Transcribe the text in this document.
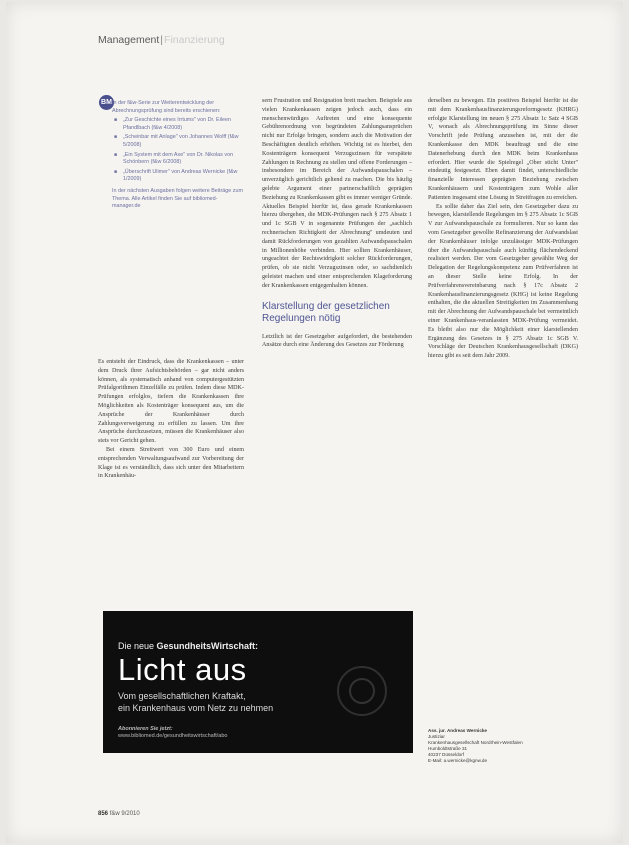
Management|Finanzierung
BM In der f&w-Serie zur Weiterentwicklung der Abrechnungsprüfung sind bereits erschienen:

■ „Zur Geschichte eines Irrtums" von Dr. Eileen Pfandlbach (f&w 4/2008)
■ „Scheinbar mit Anlage" von Johannes Wolff (f&w 5/2008)
■ „Ein System mit dem Axe" von Dr. Nikolas von Schönbern (f&w 6/2008)
■ „Überschrift Ulimer" von Andreas Wernicke (f&w 1/2009)

In der nächsten Ausgaben folgen weitere Beiträge zum Thema. Alle Artikel finden Sie auf bibliomed-manager.de

Es entsteht der Eindruck, dass die Krankenkassen – unter dem Druck ihrer Aufsichtsbehörden – gar nicht anders können, als systematisch anhand von computergestützten Prüfalgorithmen Einzelfälle zu prüfen. Indem diese MDK-Prüfungen erfolglos, tiefern die Krankenkassen ihre Möglichkeiten als Kostenträger konsequent aus, um die Ansprüche der Krankenhäuser durch Zahlungsverweigerung zu erfüllen zu lassen. Um ihre Ansprüche durchzusetzen, müssen die Krankenhäuser also stets vor Gericht gehen.

Bei einem Streitwert von 300 Euro und einem entsprechenden Verwaltungsaufwand zur Vorbereitung der Klage ist es verständlich, dass sich unter den Mitarbeitern in Krankenhäu-

sern Frustration und Resignation breit machen. Beispiele aus vielen Krankenkassen zeigen jedoch auch, dass ein menschenwürdiges Auftreten und eine konsequente Gebührenordnung von begründeten Zahlungsansprüchen nicht nur Erfolge bringen, sondern auch die Motivation der Beschäftigten deutlich erhöhen. Wichtig ist es hierbei, den Kostenträgern konsequent Verzugszinsen für verspätete Zahlungen in Rechnung zu stellen und offene Forderungen – insbesondere im Bereich der Aufwandspauschalen – unverzüglich gerichtlich geltend zu machen. Die bis häufig gelebte Argument einer partnerschaftlich geprägten Beziehung zu Krankenkassen gibt es immer weniger Gründe. Aktuelles Beispiel hierfür ist, dass gerade Krankenkassen hierzu übergehen, die MDK-Prüfungen nach § 275 Absatz 1 und 1c SGB V in sogenannte Prüfungen der „sachlich rechnerischen Richtigkeit der Abrechnung" umdeuten und damit Rückforderungen von gezahlten Aufwandspauschalen in Millionenhöhe verbinden. Hier sollten Krankenhäuser, ungeachtet der Rechtswidrigkeit solcher Rückforderungen, prüfen, ob sie nicht Verzugszinsen oder, so sachdienlich geleistet machen und einer entsprechenden Klageforderung der Krankenkassen entgegenhalten können.

Klarstellung der gesetzlichen Regelungen nötig

Letztlich ist der Gesetzgeber aufgefordert, die bestehenden Ansätze durch eine Änderung des Gesetzes zur Förderung

derselben zu bewegen. Ein positives Beispiel hierfür ist die mit dem Krankenhausfinanzierungsreformgesetz (KHRG) erfolgte Klarstellung im neuen § 275 Absatz 1c Satz 4 SGB V, wonach als Abrechnungsprüfung im Sinne dieser Vorschrift jede Prüfung anzusehen ist, mit der die Krankenkasse den MDK beauftragt und die eine Datenerhebung durch den MDK beim Krankenhaus erfordert. Hier wurde die Spielregel „Ober sticht Unter" eindeutig festgesetzt. Eben damit findet, unterschiedliche finanzielle Interessen geprägten Beziehung zwischen Krankenhäusern und Kostenträgern zum Wohle aller Patienten insgesamt eine Lösung in Streitfragen zu erreichen.

Es sollte daher das Ziel sein, den Gesetzgeber dazu zu bewegen, klarstellende Regelungen im § 275 Absatz 1c SGB V zur Aufwandspauschale zu formulieren. Nur so kann das vom Gesetzgeber gewollte Refinanzierung der Aufwandslast der Krankenhäuser infolge unzulässiger MDK-Prüfungen über die Aufwandspauschale auch künftig flächendeckend realisiert werden. Der vom Gesetzgeber gewählte Weg der Delegation der Regelungskompetenz zum Prüfverfahren ist an dieser Stelle keine Erfolg. In der Prüfverfahrensvereinbarung nach § 17c Absatz 2 Krankenhausfinanzierungsgesetz (KHG) ist keine Regelung enthalten, die die aktuellen Streitigkeiten im Zusammenhang mit der Abrechnung der Aufwandspauschale bei vermeintlich einer Krankenhaus-veranlassten MDK-Prüfung vermeidet. Es bleibt also nur die Möglichkeit einer klarstellenden Ergänzung des Gesetzes in § 275 Absatz 1c SGB V. Vorschläge der Deutschen Krankenhausgesellschaft (DKG) hierzu gibt es seit dem Jahr 2009.

Die neue GesundheitsWirtschaft:
Licht aus
Vom gesellschaftlichen Kraftakt,
ein Krankenhaus vom Netz zu nehmen
Abonnieren Sie jetzt:
www.bibliomed.de/gesundheitswirtschaft/abo
Ass. jur. Andreas Wernicke
Justiziar
Krankenhausgesellschaft Nordrhein-Westfalen
Humboldtstraße 31
40237 Düsseldorf
E-Mail: a.wernicke@kgnw.de
856 f&w 9/2010
